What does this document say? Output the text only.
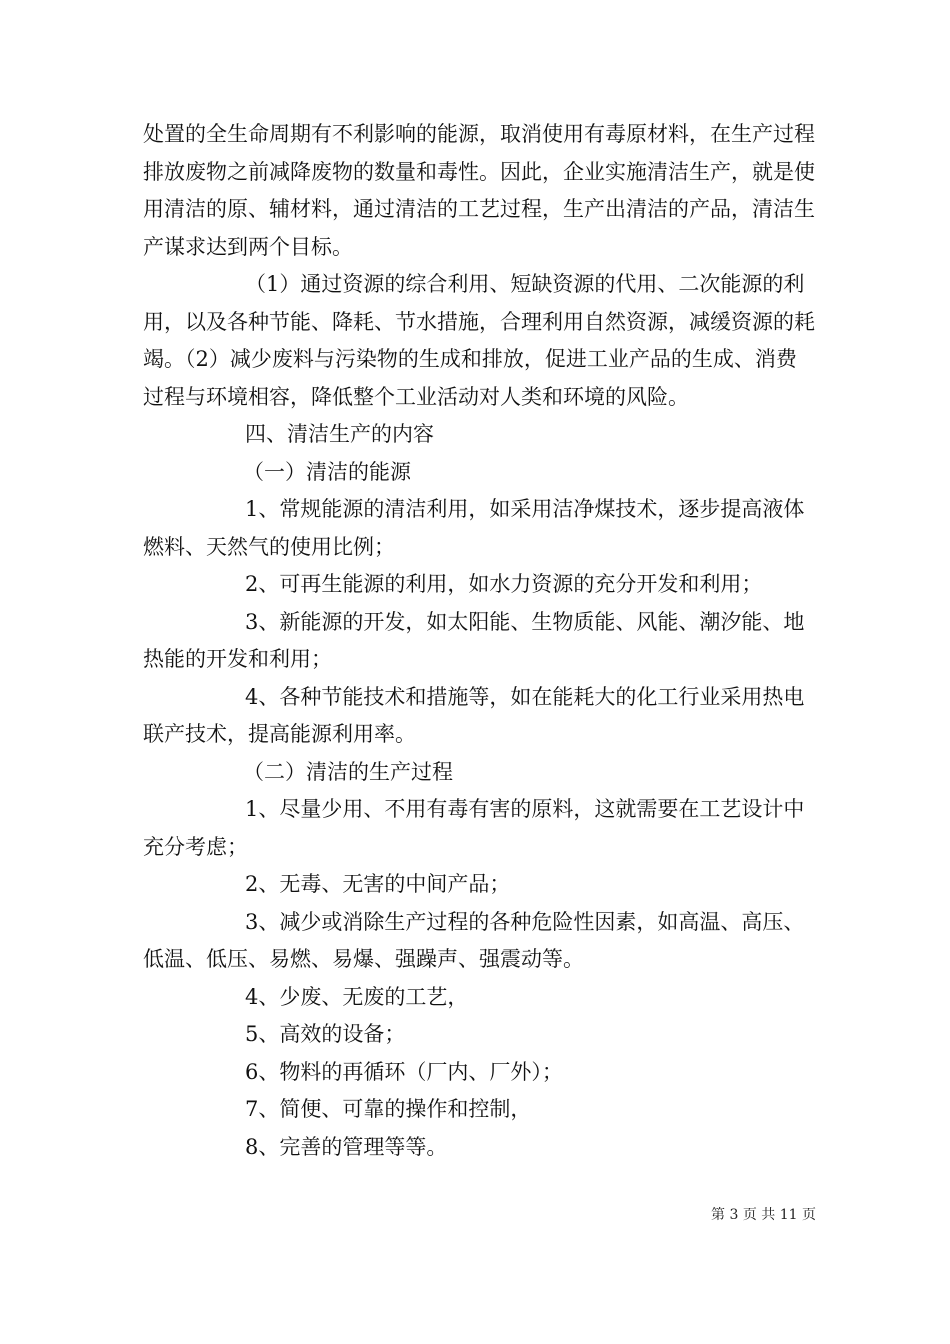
处置的全生命周期有不利影响的能源，取消使用有毒原材料，在生产过程排放废物之前减降废物的数量和毒性。因此，企业实施清洁生产，就是使用清洁的原、辅材料，通过清洁的工艺过程，生产出清洁的产品，清洁生产谋求达到两个目标。

（1）通过资源的综合利用、短缺资源的代用、二次能源的利用，以及各种节能、降耗、节水措施，合理利用自然资源，减缓资源的耗竭。（2）减少废料与污染物的生成和排放，促进工业产品的生成、消费过程与环境相容，降低整个工业活动对人类和环境的风险。

四、清洁生产的内容

（一）清洁的能源

1、常规能源的清洁利用，如采用洁净煤技术，逐步提高液体燃料、天然气的使用比例；

2、可再生能源的利用，如水力资源的充分开发和利用；

3、新能源的开发，如太阳能、生物质能、风能、潮汐能、地热能的开发和利用；

4、各种节能技术和措施等，如在能耗大的化工行业采用热电联产技术，提高能源利用率。

（二）清洁的生产过程

1、尽量少用、不用有毒有害的原料，这就需要在工艺设计中充分考虑；

2、无毒、无害的中间产品；

3、减少或消除生产过程的各种危险性因素，如高温、高压、低温、低压、易燃、易爆、强躁声、强震动等。

4、少废、无废的工艺，

5、高效的设备；

6、物料的再循环（厂内、厂外）；

7、简便、可靠的操作和控制，

8、完善的管理等等。

第 3 页 共 11 页
